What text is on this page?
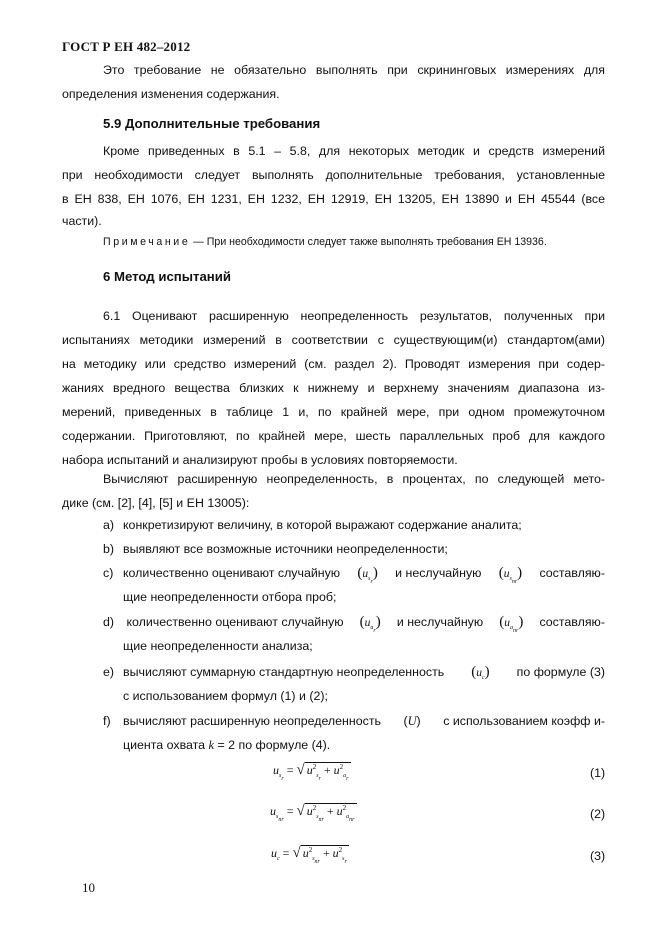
ГОСТ Р ЕН 482–2012
Это требование не обязательно выполнять при скрининговых измерениях для
определения изменения содержания.
5.9 Дополнительные требования
Кроме приведенных в 5.1 – 5.8, для некоторых методик и средств измерений
при необходимости следует выполнять дополнительные требования, установленные
в ЕН 838, ЕН 1076, ЕН 1231, ЕН 1232, ЕН 12919, ЕН 13205, ЕН 13890 и ЕН 45544 (все
части).
Примечание — При необходимости следует также выполнять требования ЕН 13936.
6 Метод испытаний
6.1 Оценивают расширенную неопределенность результатов, полученных при
испытаниях методики измерений в соответствии с существующим(и) стандартом(ами)
на методику или средство измерений (см. раздел 2). Проводят измерения при содер-
жаниях вредного вещества близких к нижнему и верхнему значениям диапазона из-
мерений, приведенных в таблице 1 и, по крайней мере, при одном промежуточном
содержании. Приготовляют, по крайней мере, шесть параллельных проб для каждого
набора испытаний и анализируют пробы в условиях повторяемости.
Вычисляют расширенную неопределенность, в процентах, по следующей мето-
дике (см. [2], [4], [5] и ЕН 13005):
a) конкретизируют величину, в которой выражают содержание аналита;
b) выявляют все возможные источники неопределенности;
c) количественно оценивают случайную $(u_{s_r})$ и неслучайную $(u_{s_{nr}})$ составляю-
щие неопределенности отбора проб;
d) количественно оценивают случайную $(u_{a_r})$ и неслучайную $(u_{a_{nr}})$ составляю-
щие неопределенности анализа;
e) вычисляют суммарную стандартную неопределенность $(u_c)$ по формуле (3)
с использованием формул (1) и (2);
f)	вычисляют расширенную неопределенность (U) с использованием коэфф и-
циента охвата k = 2 по формуле (4).
$u_{s_r}$ = √ $u^2_{s_r} + u^2_{a_r}$	(1)
$u_{s_{nr}}$ = √ $u^2_{s_{nr}} + u^2_{a_{nr}}$	(2)
$u_c$ = √ $u^2_{s_{nr}} + u^2_{s_r}$	(3)
10
